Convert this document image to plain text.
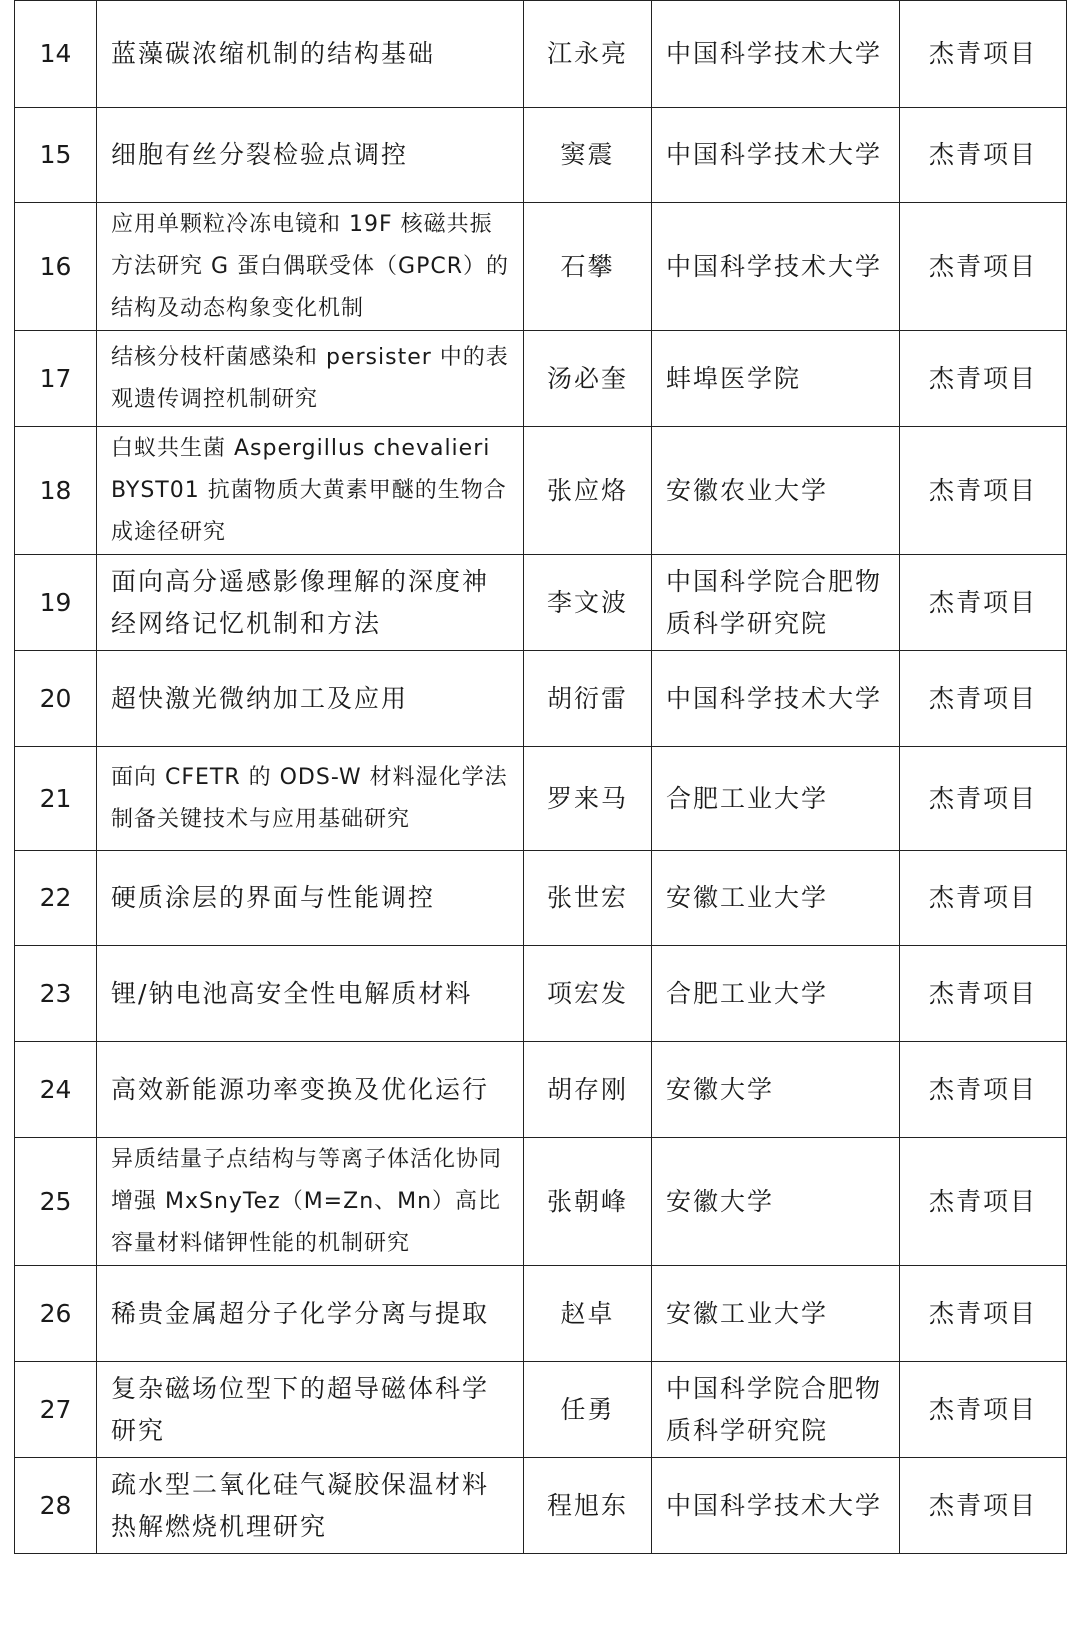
14	蓝藻碳浓缩机制的结构基础	江永亮	中国科学技术大学	杰青项目
15	细胞有丝分裂检验点调控	窦震	中国科学技术大学	杰青项目
16	应用单颗粒冷冻电镜和 19F 核磁共振方法研究 G 蛋白偶联受体（GPCR）的结构及动态构象变化机制	石攀	中国科学技术大学	杰青项目
17	结核分枝杆菌感染和 persister 中的表观遗传调控机制研究	汤必奎	蚌埠医学院	杰青项目
18	白蚁共生菌 Aspergillus chevalieri BYST01 抗菌物质大黄素甲醚的生物合成途径研究	张应烙	安徽农业大学	杰青项目
19	面向高分遥感影像理解的深度神经网络记忆机制和方法	李文波	中国科学院合肥物质科学研究院	杰青项目
20	超快激光微纳加工及应用	胡衍雷	中国科学技术大学	杰青项目
21	面向 CFETR 的 ODS-W 材料湿化学法制备关键技术与应用基础研究	罗来马	合肥工业大学	杰青项目
22	硬质涂层的界面与性能调控	张世宏	安徽工业大学	杰青项目
23	锂/钠电池高安全性电解质材料	项宏发	合肥工业大学	杰青项目
24	高效新能源功率变换及优化运行	胡存刚	安徽大学	杰青项目
25	异质结量子点结构与等离子体活化协同增强 MxSnyTez（M=Zn、Mn）高比容量材料储钾性能的机制研究	张朝峰	安徽大学	杰青项目
26	稀贵金属超分子化学分离与提取	赵卓	安徽工业大学	杰青项目
27	复杂磁场位型下的超导磁体科学研究	任勇	中国科学院合肥物质科学研究院	杰青项目
28	疏水型二氧化硅气凝胶保温材料热解燃烧机理研究	程旭东	中国科学技术大学	杰青项目
